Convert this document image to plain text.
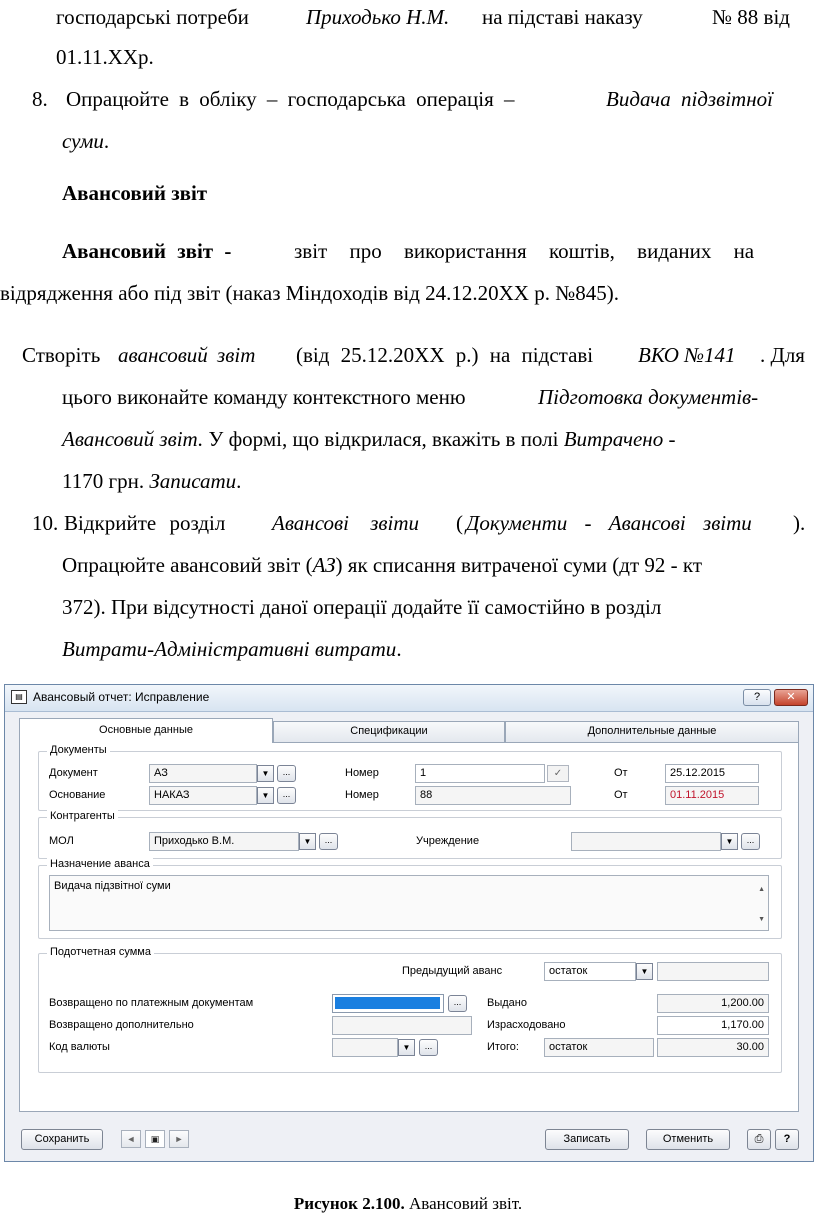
господарські потреби	Приходько Н.М. на підставі наказу	№ 88 від
01.11.ХХр.
8. Опрацюйте в обліку – господарська операція –	Видача підзвітної
суми.
Авансовий звіт
Авансовий звіт -	звіт про використання коштів, виданих на
відрядження або під звіт (наказ Міндоходів від 24.12.20ХХ р. №845).
Створіть авансовий звіт (від 25.12.20ХХ р.) на підставі ВКО №141 . Для
цього виконайте команду контекстного меню	Підготовка документів-
Авансовий звіт. У формі, що відкрилася, вкажіть в полі Витрачено -
1170 грн. Записати.
10. Відкрийте розділ Авансові звіти ( Документи - Авансові звіти ).
Опрацюйте авансовий звіт (АЗ) як списання витраченої суми (дт 92 - кт
372). При відсутності даної операції додайте її самостійно в розділ
Витрати-Адміністративні витрати.
▤ Авансовый отчет: Исправление	?	✕
Основные данные	Спецификации	Дополнительные данные
Документы
Документ	АЗ	▼	...	Номер	1	✓	От	25.12.2015
Основание	НАКАЗ	▼	...	Номер	88	От	01.11.2015
Контрагенты
МОЛ	Приходько В.М.	▼	...	Учреждение	▼	...
Назначение аванса
Видача підзвітної суми	▲
▼
Подотчетная сумма
Предыдущий аванс	остаток	▼
Возвращено по платежным документам	...	Выдано	1,200.00
Возвращено дополнительно	Израсходовано	1,170.00
Код валюты	▼	...	Итого:	остаток	30.00
Сохранить	◄	▣	►	Записать	Отменить	⎙	?
Рисунок 2.100. Авансовий звіт.
